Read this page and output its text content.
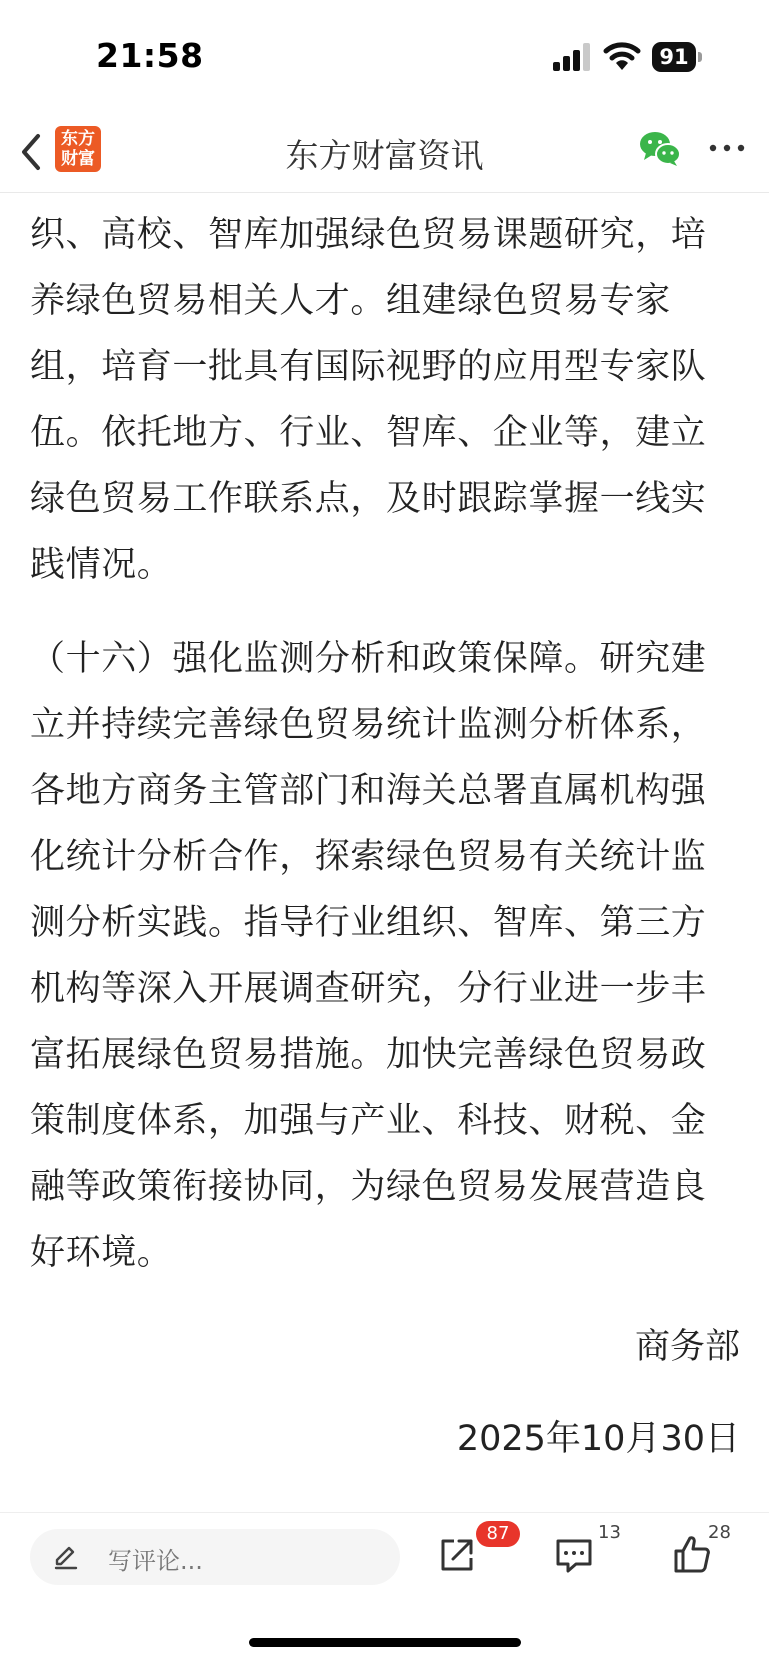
21:58	91
东方财富资讯
东方财富

织、高校、智库加强绿色贸易课题研究，培养绿色贸易相关人才。组建绿色贸易专家组，培育一批具有国际视野的应用型专家队伍。依托地方、行业、智库、企业等，建立绿色贸易工作联系点，及时跟踪掌握一线实践情况。

（十六）强化监测分析和政策保障。研究建立并持续完善绿色贸易统计监测分析体系，各地方商务主管部门和海关总署直属机构强化统计分析合作，探索绿色贸易有关统计监测分析实践。指导行业组织、智库、第三方机构等深入开展调查研究，分行业进一步丰富拓展绿色贸易措施。加快完善绿色贸易政策制度体系，加强与产业、科技、财税、金融等政策衔接协同，为绿色贸易发展营造良好环境。

商务部
2025年10月30日
写评论...
87	13	28
